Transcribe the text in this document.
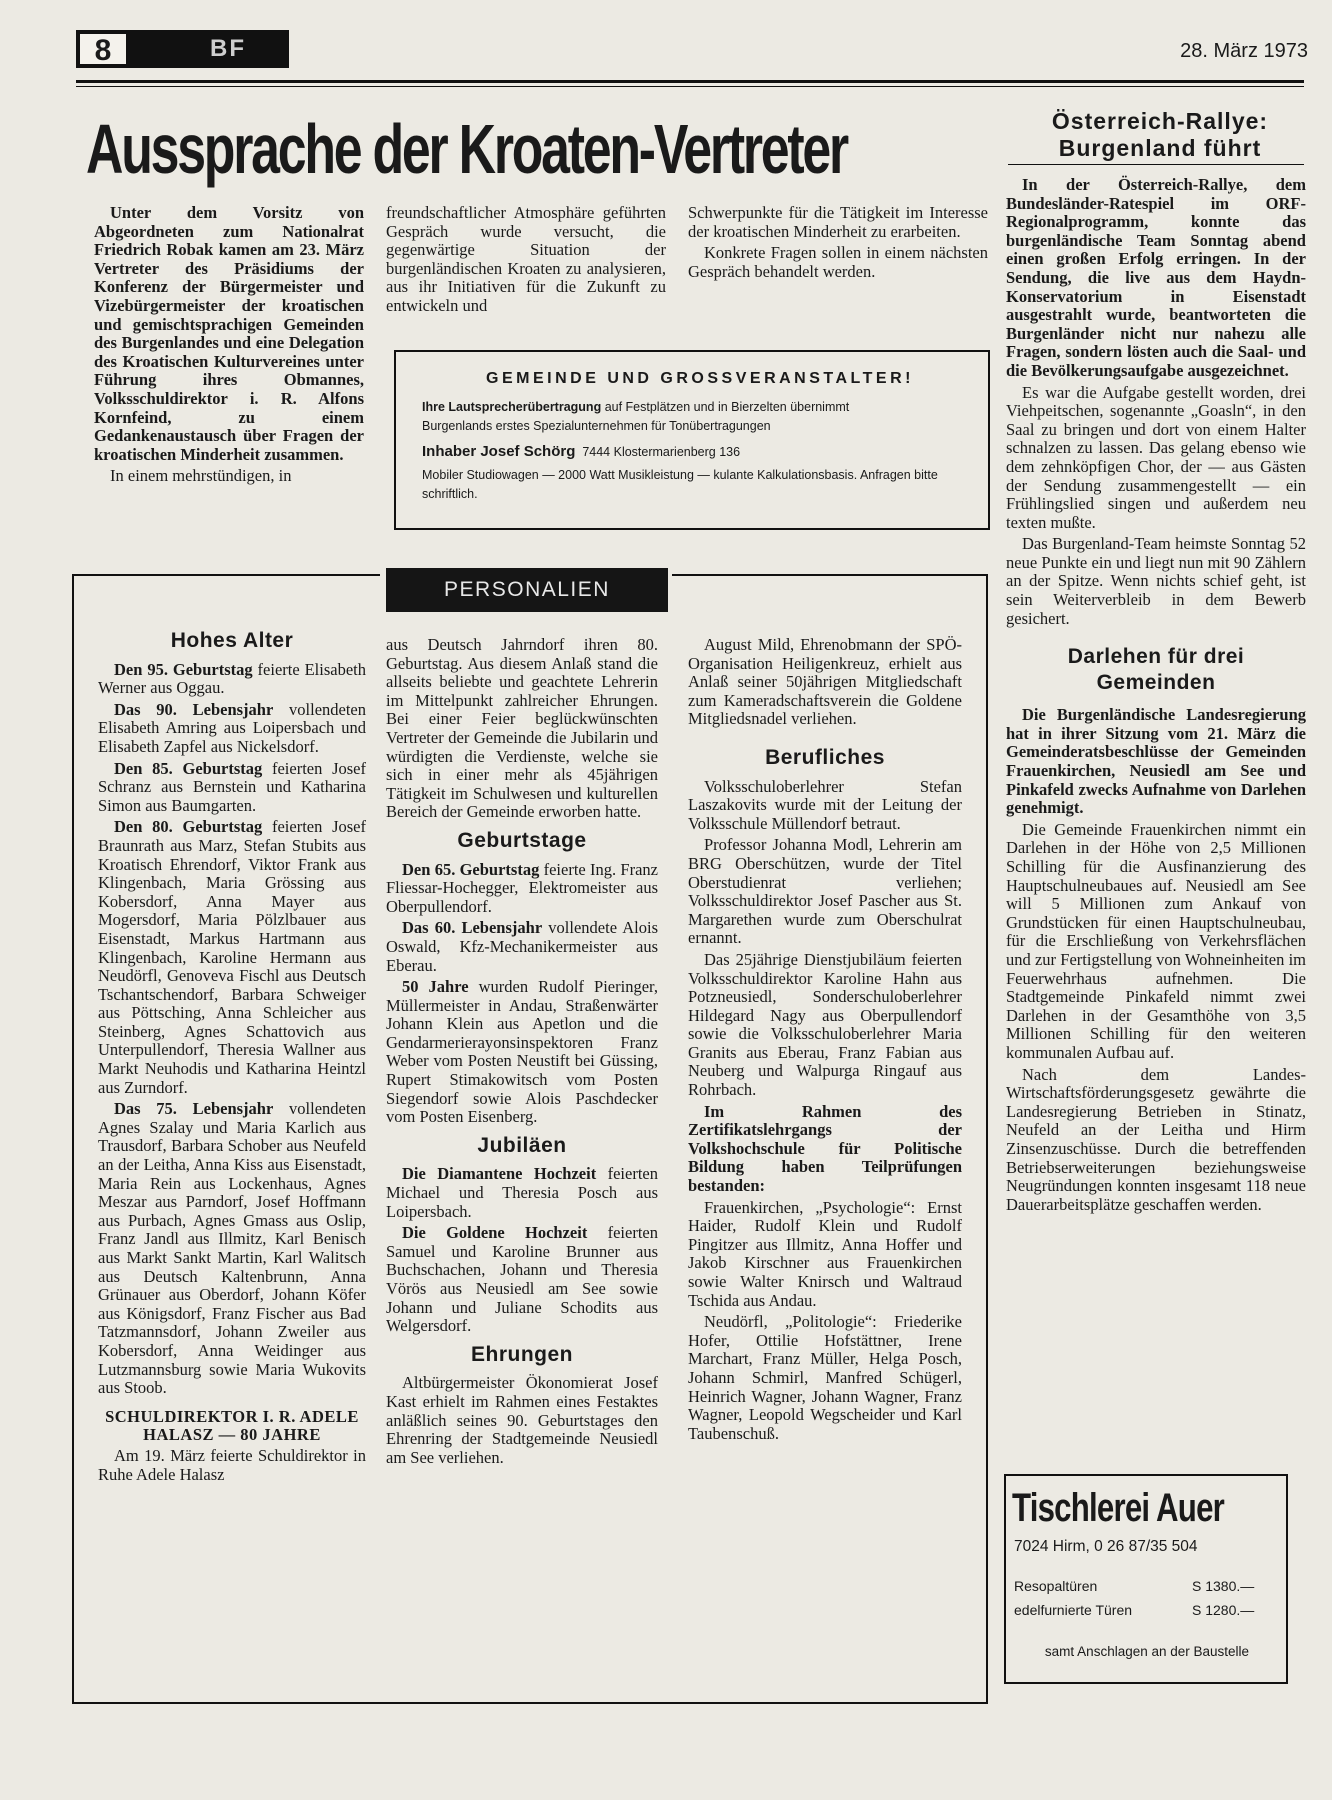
8	BF	28. März 1973
Aussprache der Kroaten-Vertreter

Unter dem Vorsitz von Abgeordneten zum Nationalrat Friedrich Robak kamen am 23. März Vertreter des Präsidiums der Konferenz der Bürgermeister und Vizebürgermeister der kroatischen und gemischtsprachigen Gemeinden des Burgenlandes und eine Delegation des Kroatischen Kulturvereines unter Führung ihres Obmannes, Volksschuldirektor i. R. Alfons Kornfeind, zu einem Gedankenaustausch über Fragen der kroatischen Minderheit zusammen.

In einem mehrstündigen, in

freundschaftlicher Atmosphäre geführten Gespräch wurde versucht, die gegenwärtige Situation der burgenländischen Kroaten zu analysieren, aus ihr Initiativen für die Zukunft zu entwickeln und

Schwerpunkte für die Tätigkeit im Interesse der kroatischen Minderheit zu erarbeiten.

Konkrete Fragen sollen in einem nächsten Gespräch behandelt werden.

GEMEINDE UND GROSSVERANSTALTER!
Ihre Lautsprecherübertragung auf Festplätzen und in Bierzelten übernimmt
Burgenlands erstes Spezialunternehmen für Tonübertragungen
Inhaber Josef Schörg 7444 Klostermarienberg 136
Mobiler Studiowagen — 2000 Watt Musikleistung — kulante Kalkulationsbasis. Anfragen bitte schriftlich.
Österreich-Rallye:
Burgenland führt

In der Österreich-Rallye, dem Bundesländer-Ratespiel im ORF-Regionalprogramm, konnte das burgenländische Team Sonntag abend einen großen Erfolg erringen. In der Sendung, die live aus dem Haydn-Konservatorium in Eisenstadt ausgestrahlt wurde, beantworteten die Burgenländer nicht nur nahezu alle Fragen, sondern lösten auch die Saal- und die Bevölkerungsaufgabe ausgezeichnet.

Es war die Aufgabe gestellt worden, drei Viehpeitschen, sogenannte „Goasln“, in den Saal zu bringen und dort von einem Halter schnalzen zu lassen. Das gelang ebenso wie dem zehnköpfigen Chor, der — aus Gästen der Sendung zusammengestellt — ein Frühlingslied singen und außerdem neu texten mußte.

Das Burgenland-Team heimste Sonntag 52 neue Punkte ein und liegt nun mit 90 Zählern an der Spitze. Wenn nichts schief geht, ist sein Weiterverbleib in dem Bewerb gesichert.

Darlehen für drei
Gemeinden

Die Burgenländische Landesregierung hat in ihrer Sitzung vom 21. März die Gemeinderatsbeschlüsse der Gemeinden Frauenkirchen, Neusiedl am See und Pinkafeld zwecks Aufnahme von Darlehen genehmigt.

Die Gemeinde Frauenkirchen nimmt ein Darlehen in der Höhe von 2,5 Millionen Schilling für die Ausfinanzierung des Hauptschulneubaues auf. Neusiedl am See will 5 Millionen zum Ankauf von Grundstücken für einen Hauptschulneubau, für die Erschließung von Verkehrsflächen und zur Fertigstellung von Wohneinheiten im Feuerwehrhaus aufnehmen. Die Stadtgemeinde Pinkafeld nimmt zwei Darlehen in der Gesamthöhe von 3,5 Millionen Schilling für den weiteren kommunalen Aufbau auf.

Nach dem Landes-Wirtschaftsförderungsgesetz gewährte die Landesregierung Betrieben in Stinatz, Neufeld an der Leitha und Hirm Zinsenzuschüsse. Durch die betreffenden Betriebserweiterungen beziehungsweise Neugründungen konnten insgesamt 118 neue Dauerarbeitsplätze geschaffen werden.

Tischlerei Auer
7024 Hirm, 0 26 87/35 504
Resopaltüren	S 1380.—
edelfurnierte Türen	S 1280.—
samt Anschlagen an der Baustelle
PERSONALIEN
Hohes Alter

Den 95. Geburtstag feierte Elisabeth Werner aus Oggau.

Das 90. Lebensjahr vollendeten Elisabeth Amring aus Loipersbach und Elisabeth Zapfel aus Nickelsdorf.

Den 85. Geburtstag feierten Josef Schranz aus Bernstein und Katharina Simon aus Baumgarten.

Den 80. Geburtstag feierten Josef Braunrath aus Marz, Stefan Stubits aus Kroatisch Ehrendorf, Viktor Frank aus Klingenbach, Maria Grössing aus Kobersdorf, Anna Mayer aus Mogersdorf, Maria Pölzlbauer aus Eisenstadt, Markus Hartmann aus Klingenbach, Karoline Hermann aus Neudörfl, Genoveva Fischl aus Deutsch Tschantschendorf, Barbara Schweiger aus Pöttsching, Anna Schleicher aus Steinberg, Agnes Schattovich aus Unterpullendorf, Theresia Wallner aus Markt Neuhodis und Katharina Heintzl aus Zurndorf.

Das 75. Lebensjahr vollendeten Agnes Szalay und Maria Karlich aus Trausdorf, Barbara Schober aus Neufeld an der Leitha, Anna Kiss aus Eisenstadt, Maria Rein aus Lockenhaus, Agnes Meszar aus Parndorf, Josef Hoffmann aus Purbach, Agnes Gmass aus Oslip, Franz Jandl aus Illmitz, Karl Benisch aus Markt Sankt Martin, Karl Walitsch aus Deutsch Kaltenbrunn, Anna Grünauer aus Oberdorf, Johann Köfer aus Königsdorf, Franz Fischer aus Bad Tatzmannsdorf, Johann Zweiler aus Kobersdorf, Anna Weidinger aus Lutzmannsburg sowie Maria Wukovits aus Stoob.

SCHULDIREKTOR I. R. ADELE HALASZ — 80 JAHRE

Am 19. März feierte Schuldirektor in Ruhe Adele Halasz

aus Deutsch Jahrndorf ihren 80. Geburtstag. Aus diesem Anlaß stand die allseits beliebte und geachtete Lehrerin im Mittelpunkt zahlreicher Ehrungen. Bei einer Feier beglückwünschten Vertreter der Gemeinde die Jubilarin und würdigten die Verdienste, welche sie sich in einer mehr als 45jährigen Tätigkeit im Schulwesen und kulturellen Bereich der Gemeinde erworben hatte.

Geburtstage

Den 65. Geburtstag feierte Ing. Franz Fliessar-Hochegger, Elektromeister aus Oberpullendorf.

Das 60. Lebensjahr vollendete Alois Oswald, Kfz-Mechanikermeister aus Eberau.

50 Jahre wurden Rudolf Pieringer, Müllermeister in Andau, Straßenwärter Johann Klein aus Apetlon und die Gendarmerierayonsinspektoren Franz Weber vom Posten Neustift bei Güssing, Rupert Stimakowitsch vom Posten Siegendorf sowie Alois Paschdecker vom Posten Eisenberg.

Jubiläen

Die Diamantene Hochzeit feierten Michael und Theresia Posch aus Loipersbach.

Die Goldene Hochzeit feierten Samuel und Karoline Brunner aus Buchschachen, Johann und Theresia Vörös aus Neusiedl am See sowie Johann und Juliane Schodits aus Welgersdorf.

Ehrungen

Altbürgermeister Ökonomierat Josef Kast erhielt im Rahmen eines Festaktes anläßlich seines 90. Geburtstages den Ehrenring der Stadtgemeinde Neusiedl am See verliehen.

August Mild, Ehrenobmann der SPÖ-Organisation Heiligenkreuz, erhielt aus Anlaß seiner 50jährigen Mitgliedschaft zum Kameradschaftsverein die Goldene Mitgliedsnadel verliehen.

Berufliches

Volksschuloberlehrer Stefan Laszakovits wurde mit der Leitung der Volksschule Müllendorf betraut.

Professor Johanna Modl, Lehrerin am BRG Oberschützen, wurde der Titel Oberstudienrat verliehen; Volksschuldirektor Josef Pascher aus St. Margarethen wurde zum Oberschulrat ernannt.

Das 25jährige Dienstjubiläum feierten Volksschuldirektor Karoline Hahn aus Potzneusiedl, Sonderschuloberlehrer Hildegard Nagy aus Oberpullendorf sowie die Volksschuloberlehrer Maria Granits aus Eberau, Franz Fabian aus Neuberg und Walpurga Ringauf aus Rohrbach.

Im Rahmen des Zertifikatslehrgangs der Volkshochschule für Politische Bildung haben Teilprüfungen bestanden:

Frauenkirchen, „Psychologie“: Ernst Haider, Rudolf Klein und Rudolf Pingitzer aus Illmitz, Anna Hoffer und Jakob Kirschner aus Frauenkirchen sowie Walter Knirsch und Waltraud Tschida aus Andau.

Neudörfl, „Politologie“: Friederike Hofer, Ottilie Hofstättner, Irene Marchart, Franz Müller, Helga Posch, Johann Schmirl, Manfred Schügerl, Heinrich Wagner, Johann Wagner, Franz Wagner, Leopold Wegscheider und Karl Taubenschuß.
